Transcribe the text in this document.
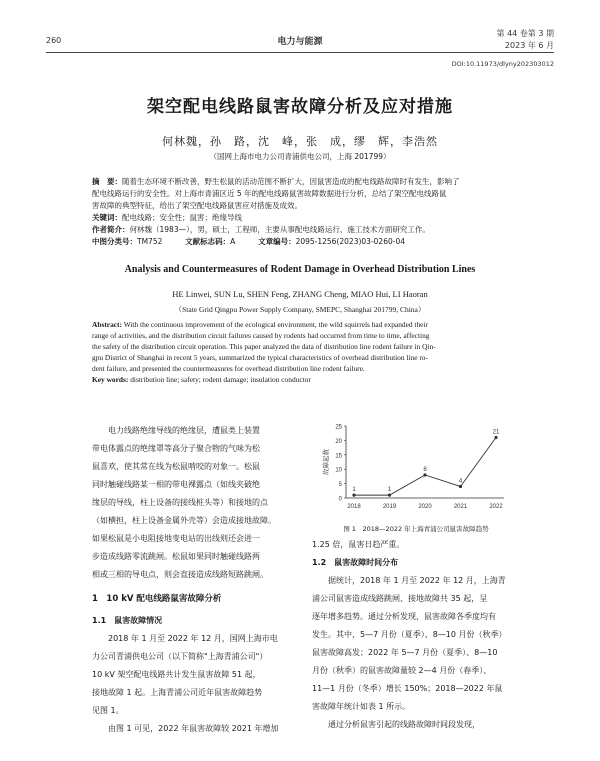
260	电力与能源
第 44 卷第 3 期
2023 年 6 月
DOI:10.11973/dlyny202303012
架空配电线路鼠害故障分析及应对措施
何林魏，孙　路，沈　峰，张　成，缪　辉，李浩然
（国网上海市电力公司青浦供电公司，上海 201799）
摘　要：随着生态环境不断改善，野生松鼠的活动范围不断扩大，因鼠害造成的配电线路故障时有发生，影响了
配电线路运行的安全性。对上海市青浦区近 5 年的配电线路鼠害故障数据进行分析，总结了架空配电线路鼠
害故障的典型特征，给出了架空配电线路鼠害应对措施及成效。
关键词：配电线路；安全性；鼠害；绝缘导线
作者简介：何林魏（1983—），男，硕士，工程师，主要从事配电线路运行、施工技术方面研究工作。
中图分类号：TM752	文献标志码：A	文章编号：2095-1256(2023)03-0260-04
Analysis and Countermeasures of Rodent Damage in Overhead Distribution Lines
HE Linwei, SUN Lu, SHEN Feng, ZHANG Cheng, MIAO Hui, LI Haoran
（State Grid Qingpu Power Supply Company, SMEPC, Shanghai 201799, China）
Abstract: With the continuous improvement of the ecological environment, the wild squirrels had expanded their
range of activities, and the distribution circuit failures caused by rodents had occurred from time to time, affecting
the safety of the distribution circuit operation. This paper analyzed the data of distribution line rodent failure in Qin-
gpu District of Shanghai in recent 5 years, summarized the typical characteristics of overhead distribution line ro-
dent failure, and presented the countermeasures for overhead distribution line rodent failure.
Key words: distribution line; safety; rodent damage; insulation conductor

电力线路绝缘导线的绝缘层，遭鼠类上装置

带电体露点的绝缘罩等高分子聚合物的气味为松
鼠喜欢，使其常在线为松鼠啃咬的对象一。松鼠
同时触碰线路某一相的带电裸露点（如线夹破绝
缘层的导线，柱上设备的接线桩头等）和接地的点
（如横担，柱上设备金属外壳等）会造成接地故障。
如果松鼠是小电阻接地变电站的出线则还会进一
步造成线路零流跳闸。松鼠如果同时触碰线路两
相或三相的导电点，则会直接造成线路短路跳闸。
1　10 kV 配电线路鼠害故障分析
1.1　鼠害故障情况

2018 年 1 月至 2022 年 12 月，国网上海市电

力公司青浦供电公司（以下简称"上海青浦公司"）
10 kV 架空配电线路共计发生鼠害故障 51 起，
接地故障 1 起。上海青浦公司近年鼠害故障趋势
见图 1。

由图 1 可见，2022 年鼠害故障较 2021 年增加

0
5
10
15
20
25
故障起数
2018	2019	2020	2021	2022
1	1
8
4
21
图 1　2018—2022 年上海青浦公司鼠害故障趋势
1.25 倍，鼠害日趋严重。
1.2　鼠害故障时间分布

据统计，2018 年 1 月至 2022 年 12 月，上海青

浦公司鼠害造成线路跳闸、接地故障共 35 起，呈
逐年增多趋势。通过分析发现，鼠害故障各季度均有
发生。其中，5—7 月份（夏季）、8—10 月份（秋季）
鼠害故障高发；2022 年 5—7 月份（夏季）、8—10
月份（秋季）的鼠害故障量较 2—4 月份（春季）、
11—1 月份（冬季）增长 150%；2018—2022 年鼠
害故障年统计如表 1 所示。

通过分析鼠害引起的线路故障时间段发现，
